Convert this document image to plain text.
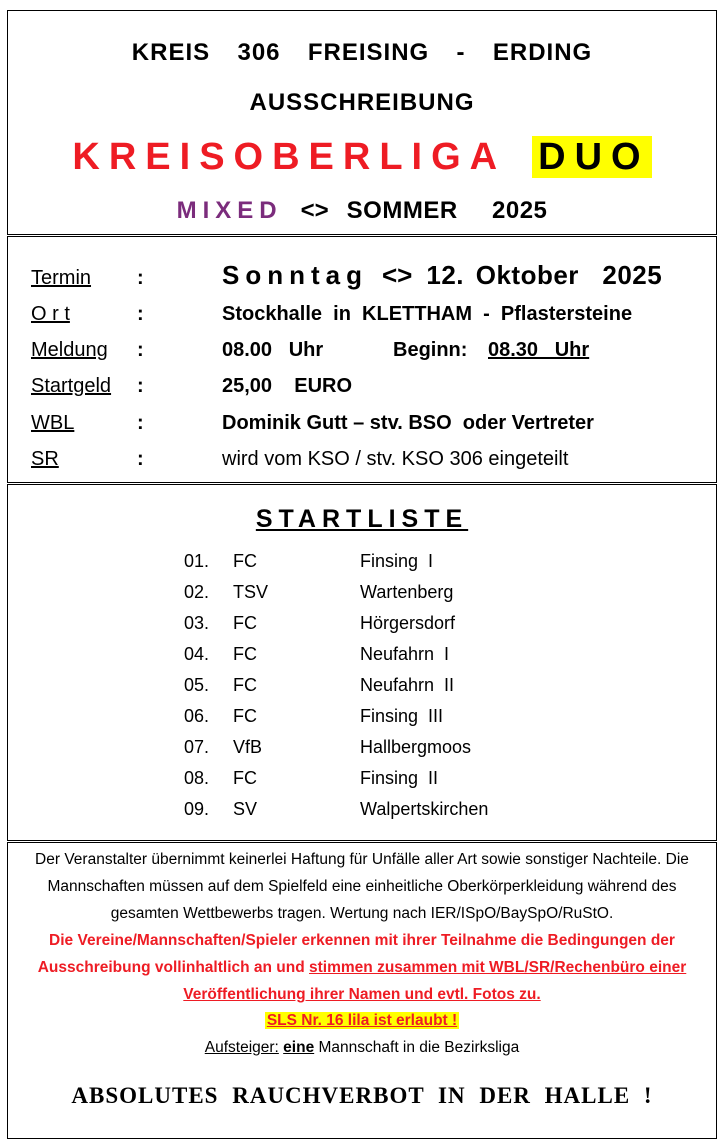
KREIS  306  FREISING  -  ERDING
AUSSCHREIBUNG
KREISOBERLIGA DUO
MIXED <> SOMMER  2025
Termin :	Sonntag <> 12. Oktober  2025
O r t	:	Stockhalle  in  KLETTHAM  -  Pflastersteine
Meldung :	08.00   Uhr	Beginn: 08.30   Uhr
Startgeld :	25,00    EURO
WBL	:	Dominik Gutt – stv. BSO  oder Vertreter
SR	:	wird vom KSO / stv. KSO 306 eingeteilt
STARTLISTE
01. FC	Finsing  I
02. TSV	Wartenberg
03. FC	Hörgersdorf
04. FC	Neufahrn  I
05. FC	Neufahrn  II
06. FC	Finsing  III
07. VfB	Hallbergmoos
08. FC	Finsing  II
09. SV	Walpertskirchen
Der Veranstalter übernimmt keinerlei Haftung für Unfälle aller Art sowie sonstiger Nachteile. Die
Mannschaften müssen auf dem Spielfeld eine einheitliche Oberkörperkleidung während des
gesamten Wettbewerbs tragen. Wertung nach IER/ISpO/BaySpO/RuStO.
Die Vereine/Mannschaften/Spieler erkennen mit ihrer Teilnahme die Bedingungen der
Ausschreibung vollinhaltlich an und stimmen zusammen mit WBL/SR/Rechenbüro einer
Veröffentlichung ihrer Namen und evtl. Fotos zu.
SLS Nr. 16 lila ist erlaubt !
Aufsteiger: eine Mannschaft in die Bezirksliga
ABSOLUTES RAUCHVERBOT IN DER HALLE !
